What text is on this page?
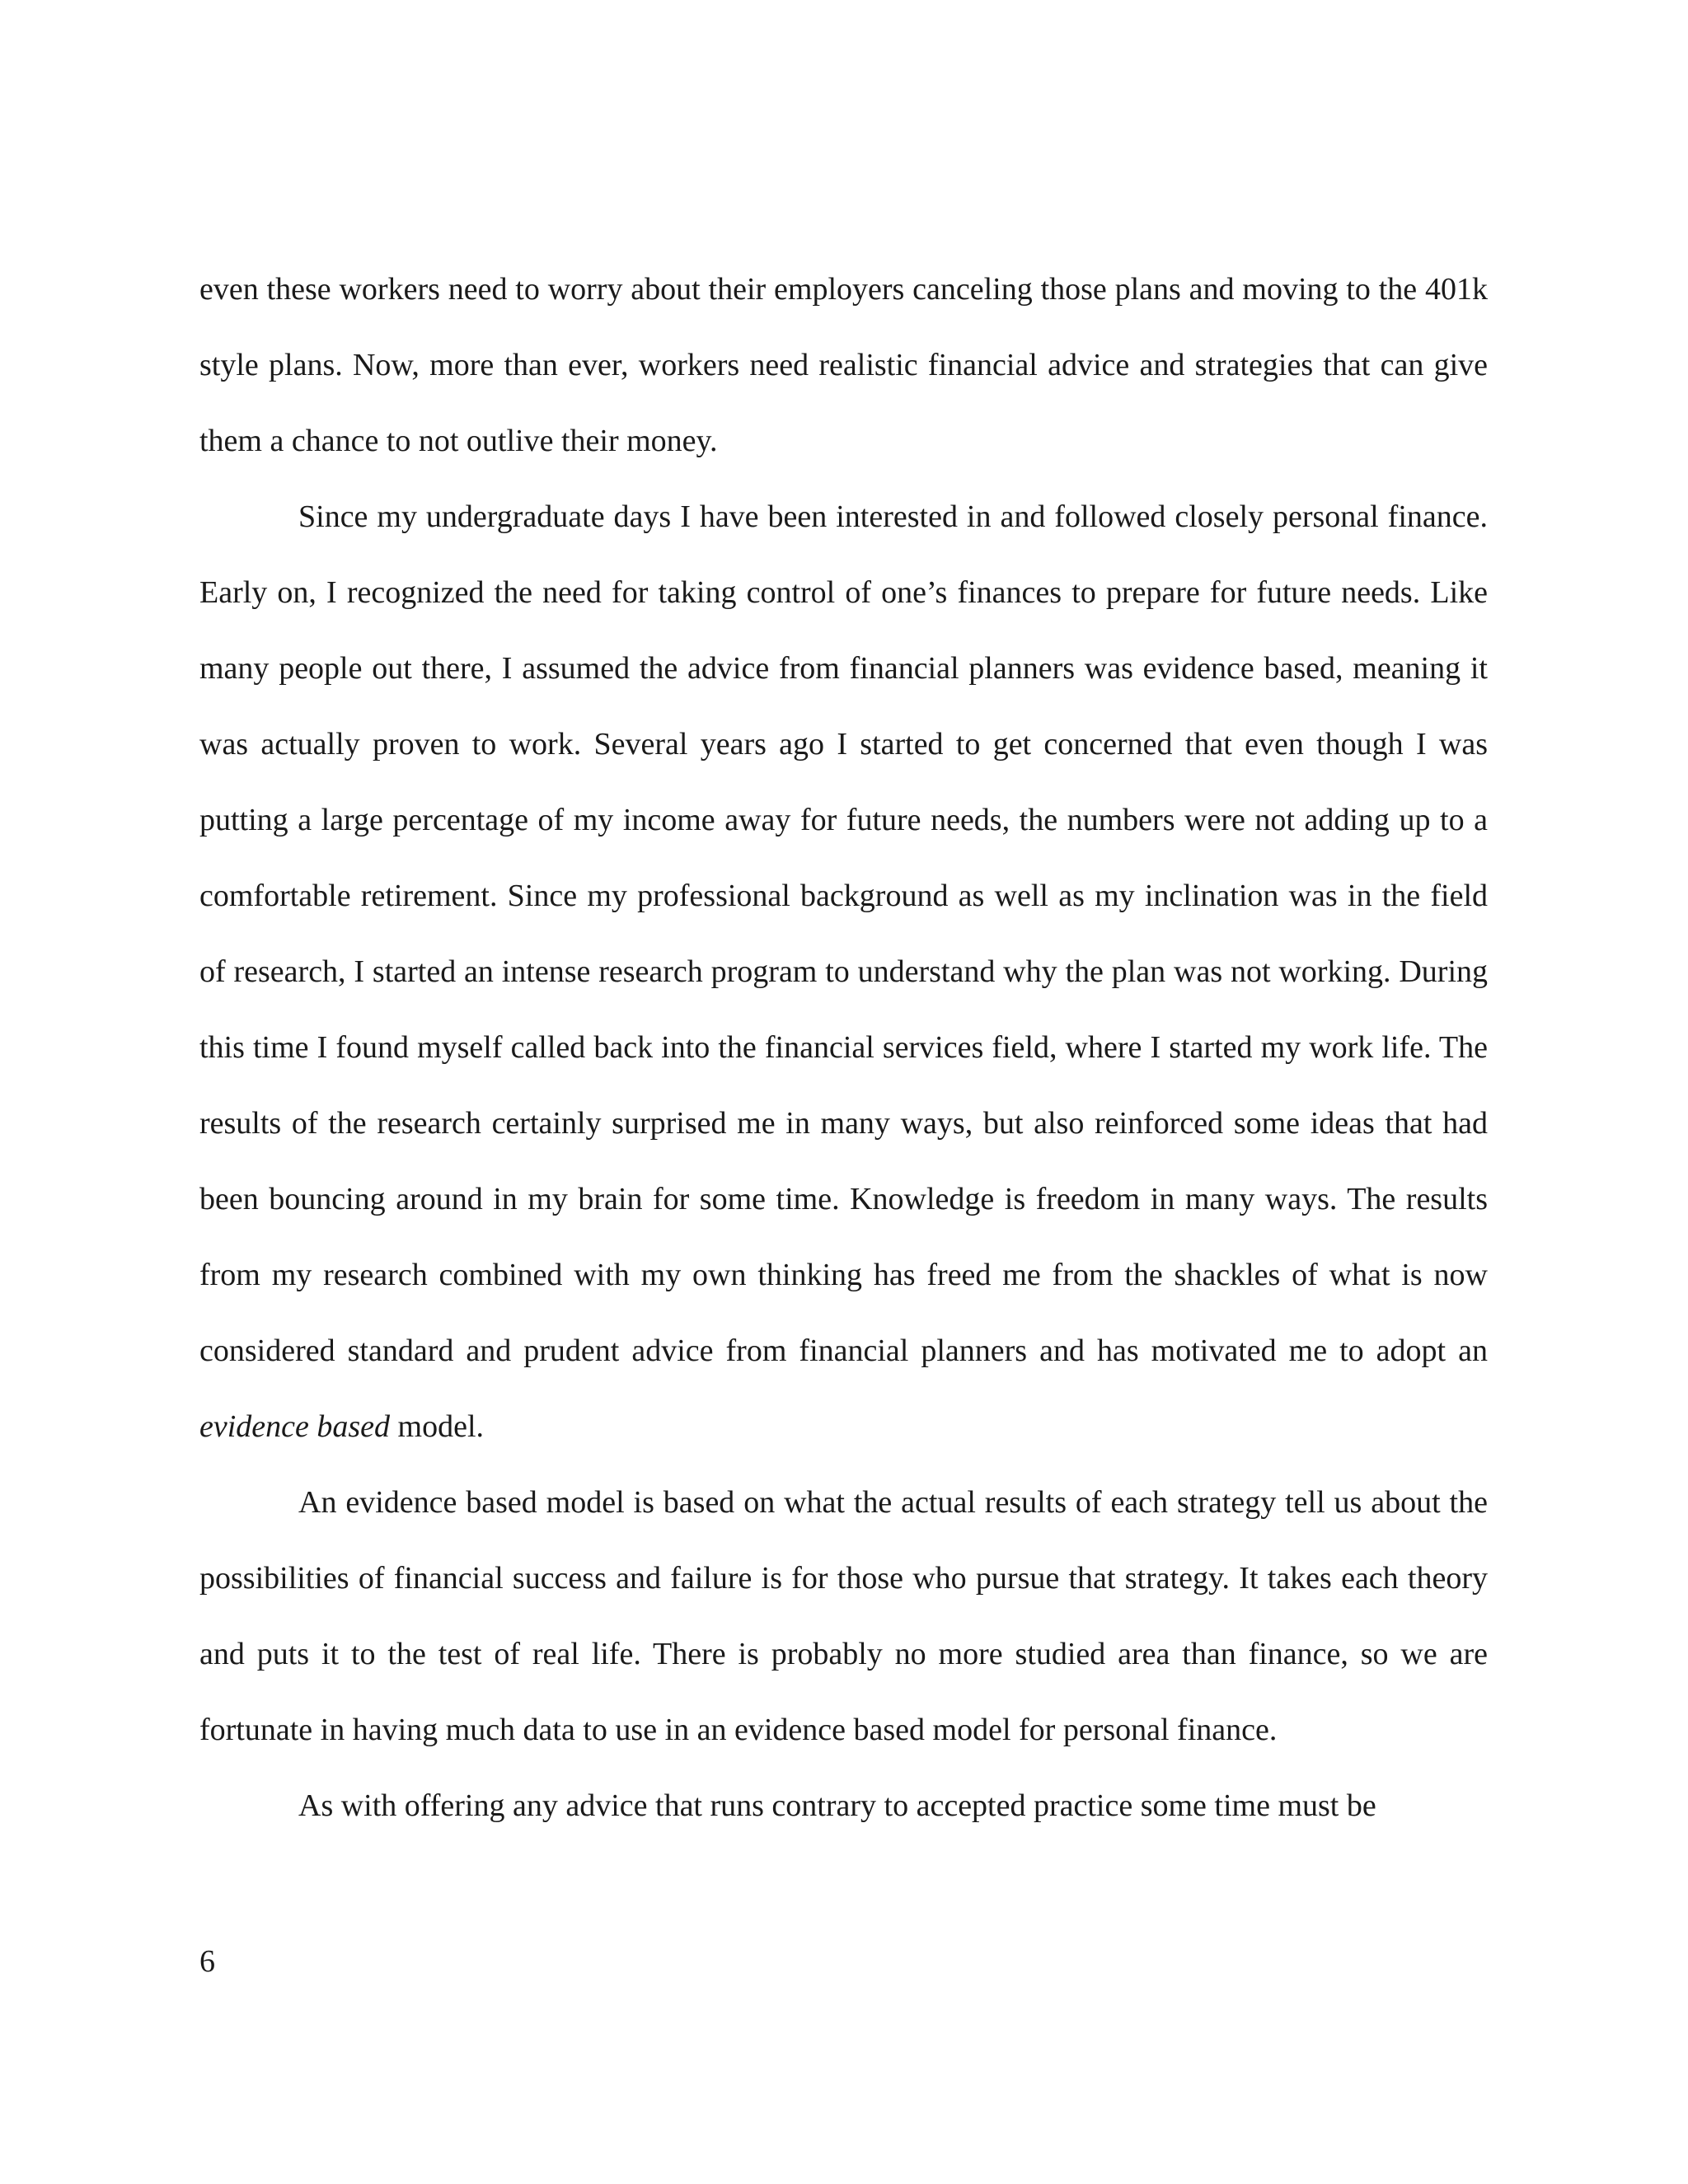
even these workers need to worry about their employers canceling those plans and moving to the 401k style plans. Now, more than ever, workers need realistic financial advice and strategies that can give them a chance to not outlive their money.

Since my undergraduate days I have been interested in and followed closely personal finance. Early on, I recognized the need for taking control of one’s finances to prepare for future needs. Like many people out there, I assumed the advice from financial planners was evidence based, meaning it was actually proven to work. Several years ago I started to get concerned that even though I was putting a large percentage of my income away for future needs, the numbers were not adding up to a comfortable retirement. Since my professional background as well as my inclination was in the field of research, I started an intense research program to understand why the plan was not working. During this time I found myself called back into the financial services field, where I started my work life. The results of the research certainly surprised me in many ways, but also reinforced some ideas that had been bouncing around in my brain for some time. Knowledge is freedom in many ways. The results from my research combined with my own thinking has freed me from the shackles of what is now considered standard and prudent advice from financial planners and has motivated me to adopt an evidence based model.

An evidence based model is based on what the actual results of each strategy tell us about the possibilities of financial success and failure is for those who pursue that strategy. It takes each theory and puts it to the test of real life. There is probably no more studied area than finance, so we are fortunate in having much data to use in an evidence based model for personal finance.

As with offering any advice that runs contrary to accepted practice some time must be

6
